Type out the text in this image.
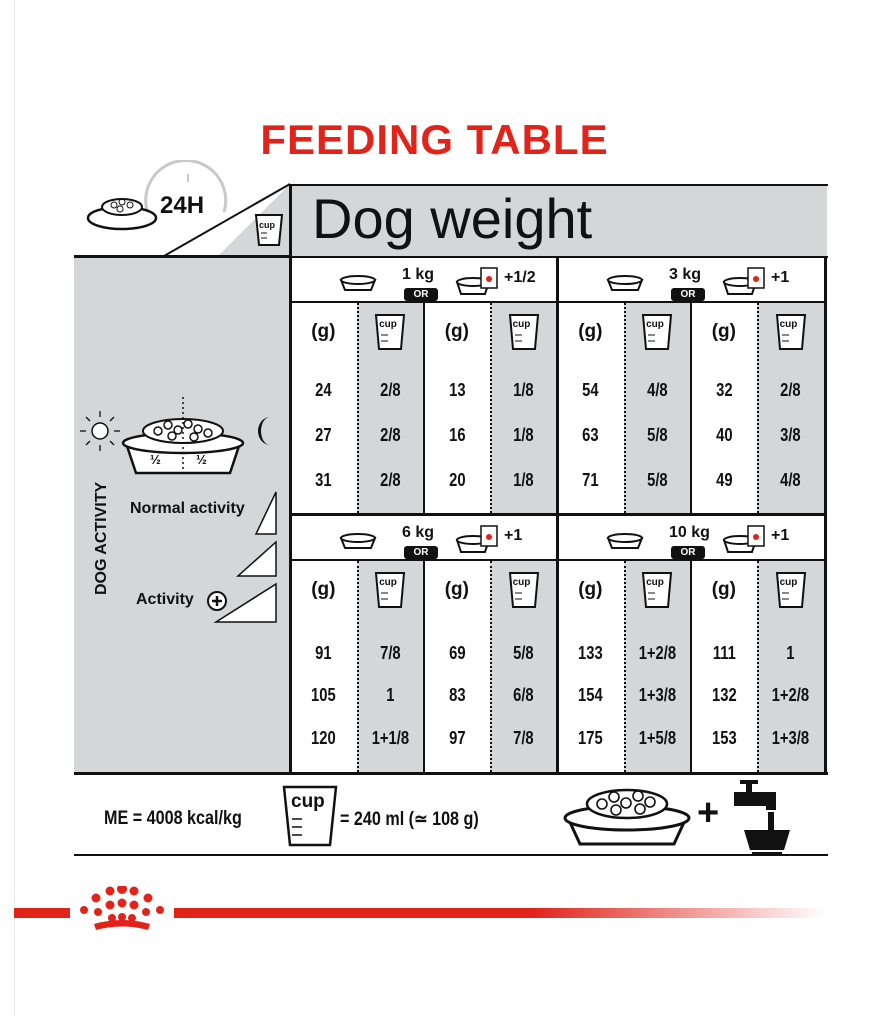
FEEDING TABLE
24H
cup Dog weight
½	½
DOG ACTIVITY Normal activity
Activity
1 kg
OR
+1/2
(g)	cup	(g)	cup
24	2/8	13	1/8
27	2/8	16	1/8
31	2/8	20	1/8
3 kg
OR
+1
(g)	cup	(g)	cup
54	4/8	32	2/8
63	5/8	40	3/8
71	5/8	49	4/8
6 kg
OR
+1
(g)	cup	(g)	cup
91	7/8	69	5/8
105	1	83	6/8
120	1+1/8	97	7/8
10 kg
OR
+1
(g)	cup	(g)	cup
133	1+2/8	111	1
154	1+3/8	132	1+2/8
175	1+5/8	153	1+3/8
ME = 4008 kcal/kg
cup
= 240 ml (≃ 108 g)	+
